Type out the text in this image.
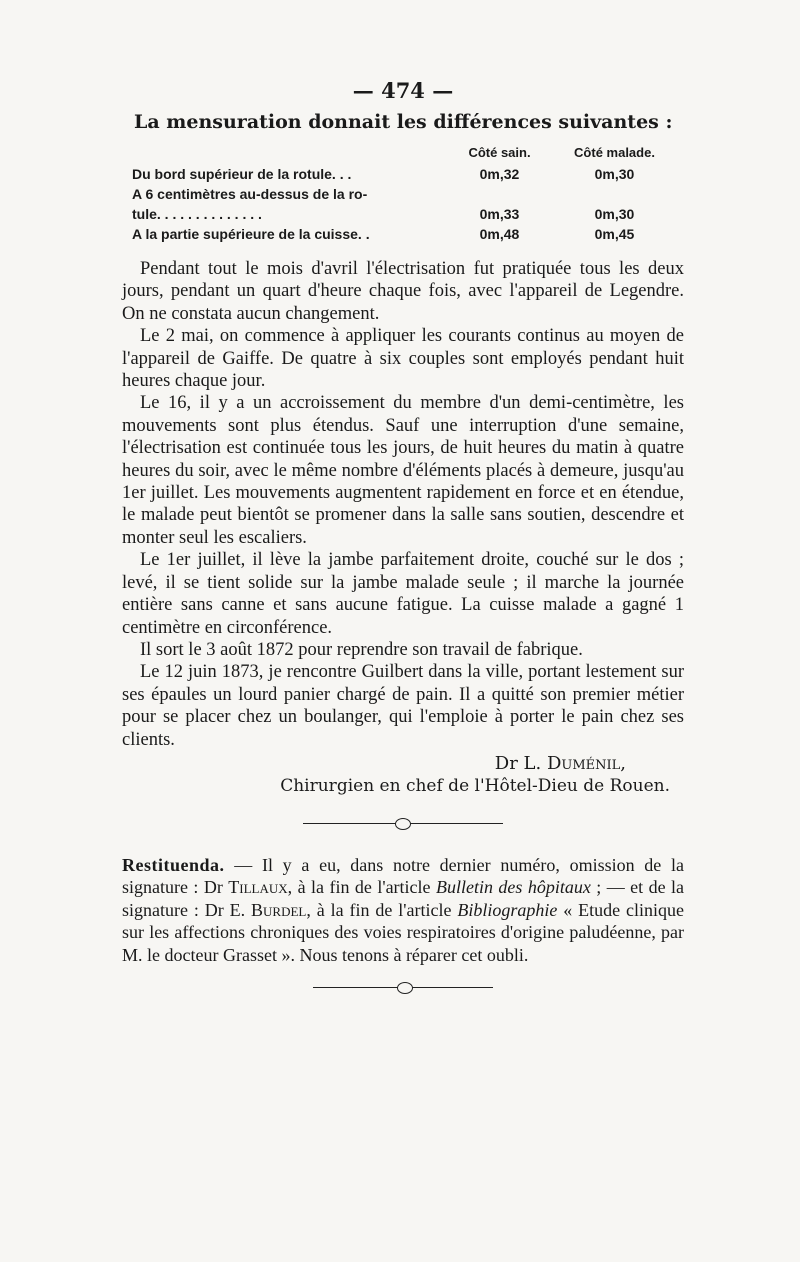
— 474 —
La mensuration donnait les différences suivantes :
	Côté sain.	Côté malade.
Du bord supérieur de la rotule. . .	0m,32	0m,30
A 6 centimètres au-dessus de la ro-		
tule. . . . . . . . . . . . . .	0m,33	0m,30
A la partie supérieure de la cuisse. .	0m,48	0m,45

Pendant tout le mois d'avril l'électrisation fut pratiquée tous les deux jours, pendant un quart d'heure chaque fois, avec l'appareil de Legendre. On ne constata aucun changement.

Le 2 mai, on commence à appliquer les courants continus au moyen de l'appareil de Gaiffe. De quatre à six couples sont employés pendant huit heures chaque jour.

Le 16, il y a un accroissement du membre d'un demi-centimètre, les mouvements sont plus étendus. Sauf une interruption d'une semaine, l'électrisation est continuée tous les jours, de huit heures du matin à quatre heures du soir, avec le même nombre d'éléments placés à demeure, jusqu'au 1er juillet. Les mouvements augmentent rapidement en force et en étendue, le malade peut bientôt se promener dans la salle sans soutien, descendre et monter seul les escaliers.

Le 1er juillet, il lève la jambe parfaitement droite, couché sur le dos ; levé, il se tient solide sur la jambe malade seule ; il marche la journée entière sans canne et sans aucune fatigue. La cuisse malade a gagné 1 centimètre en circonférence.

Il sort le 3 août 1872 pour reprendre son travail de fabrique.

Le 12 juin 1873, je rencontre Guilbert dans la ville, portant lestement sur ses épaules un lourd panier chargé de pain. Il a quitté son premier métier pour se placer chez un boulanger, qui l'emploie à porter le pain chez ses clients.

Dr L. Duménil,
Chirurgien en chef de l'Hôtel-Dieu de Rouen.
Restituenda. — Il y a eu, dans notre dernier numéro, omission de la signature : Dr Tillaux, à la fin de l'article Bulletin des hôpitaux ; — et de la signature : Dr E. Burdel, à la fin de l'article Bibliographie « Etude clinique sur les affections chroniques des voies respiratoires d'origine paludéenne, par M. le docteur Grasset ». Nous tenons à réparer cet oubli.
